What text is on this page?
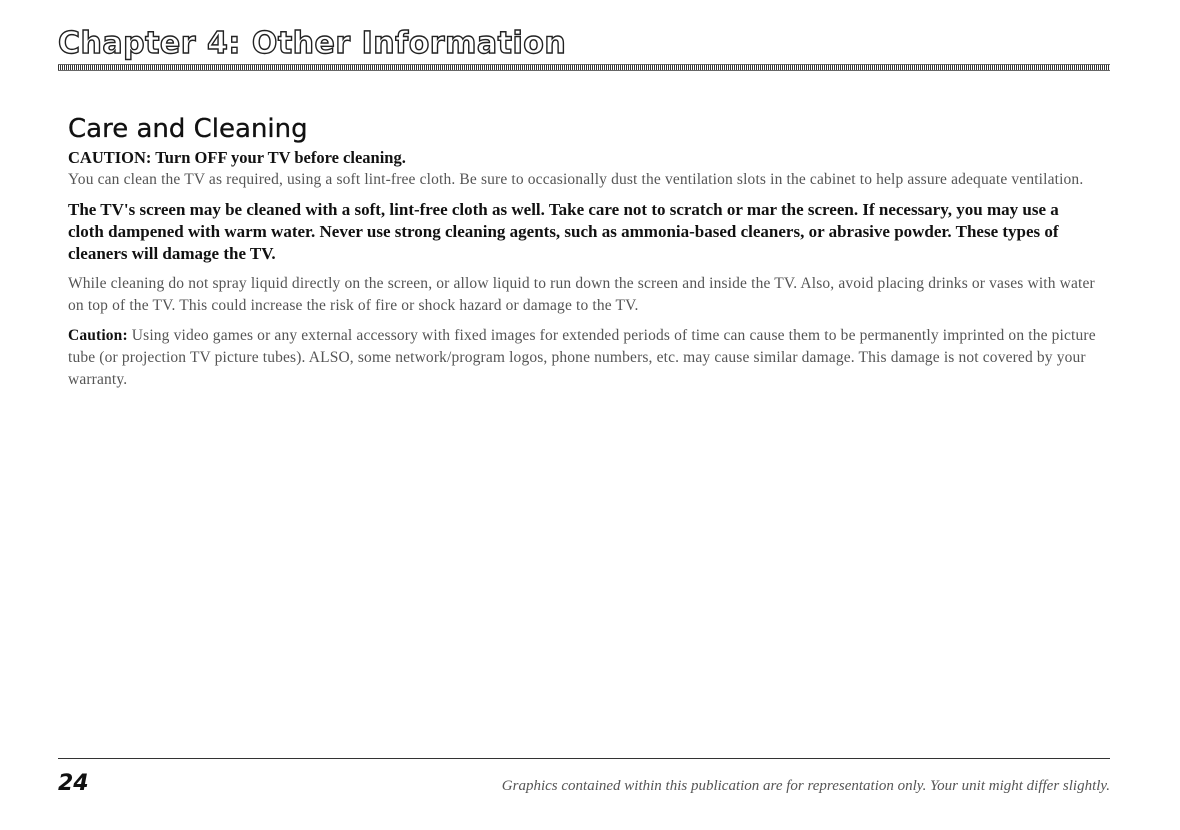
Chapter 4: Other Information
Care and Cleaning

CAUTION: Turn OFF your TV before cleaning.

You can clean the TV as required, using a soft lint-free cloth. Be sure to occasionally dust the ventilation slots in the cabinet to help assure adequate ventilation.

The TV's screen may be cleaned with a soft, lint-free cloth as well. Take care not to scratch or mar the screen. If necessary, you may use a cloth dampened with warm water. Never use strong cleaning agents, such as ammonia-based cleaners, or abrasive powder. These types of cleaners will damage the TV.

While cleaning do not spray liquid directly on the screen, or allow liquid to run down the screen and inside the TV. Also, avoid placing drinks or vases with water on top of the TV. This could increase the risk of fire or shock hazard or damage to the TV.

Caution: Using video games or any external accessory with fixed images for extended periods of time can cause them to be permanently imprinted on the picture tube (or projection TV picture tubes). ALSO, some network/program logos, phone numbers, etc. may cause similar damage. This damage is not covered by your warranty.

24	Graphics contained within this publication are for representation only. Your unit might differ slightly.
